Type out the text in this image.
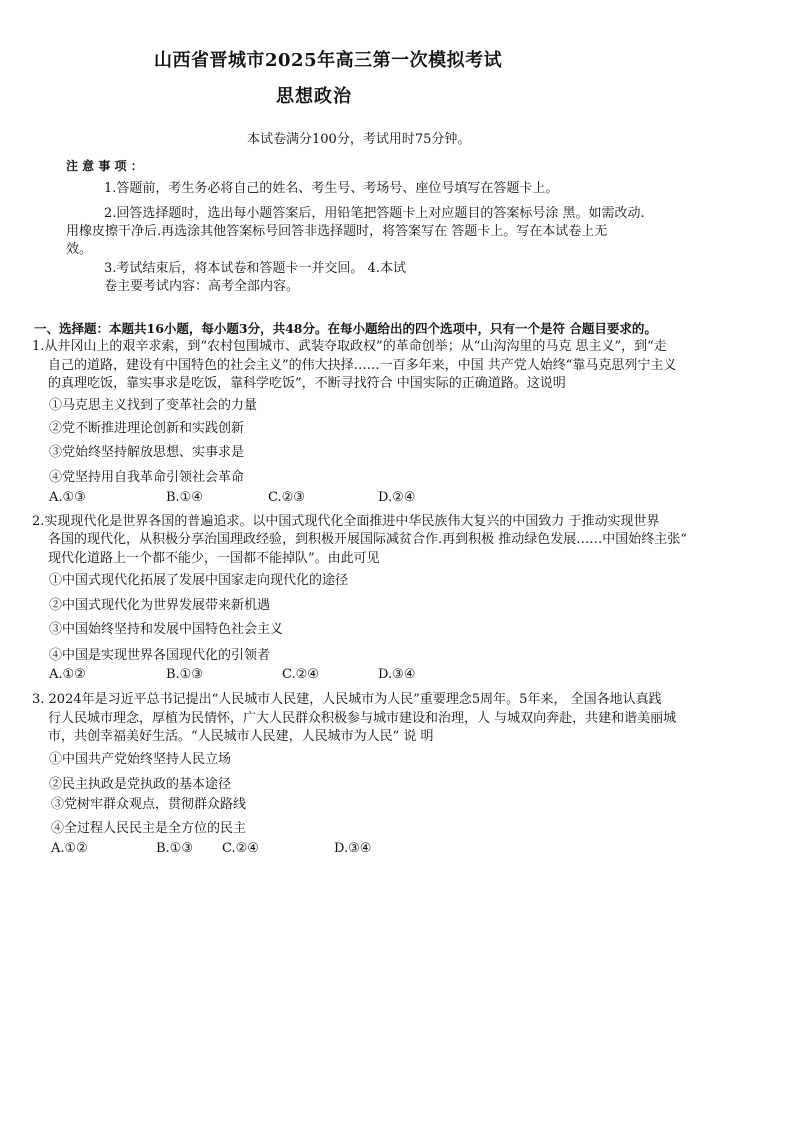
山西省晋城市2025年高三第一次模拟考试
思想政治
本试卷满分100分，考试用时75分钟。
注 意 事 项 ：
1.答题前，考生务必将自己的姓名、考生号、考场号、座位号填写在答题卡上。
2.回答选择题时，选出每小题答案后，用铅笔把答题卡上对应题目的答案标号涂 黑。如需改动.
用橡皮擦干净后.再选涂其他答案标号回答非选择题时，将答案写在 答题卡上。写在本试卷上无
效。
3.考试结束后，将本试卷和答题卡一并交回。 4.本试
卷主要考试内容：高考全部内容。
一、选择题：本题共16小题，每小题3分，共48分。在每小题给出的四个选项中，只有一个是符 合题目要求的。
1.从井冈山上的艰辛求索，到“农村包围城市、武装夺取政权”的革命创举；从“山沟沟里的马克 思主义”，到“走
自己的道路，建设有中国特色的社会主义”的伟大抉择……一百多年来，中国 共产党人始终“靠马克思列宁主义
的真理吃饭，靠实事求是吃饭，靠科学吃饭”，不断寻找符合 中国实际的正确道路。这说明
①马克思主义找到了变革社会的力量
②党不断推进理论创新和实践创新
③党始终坚持解放思想、实事求是
④党坚持用自我革命引领社会革命
A.①③	B.①④	C.②③	D.②④
2.实现现代化是世界各国的普遍追求。以中国式现代化全面推进中华民族伟大复兴的中国致力 于推动实现世界
各国的现代化，从积极分享治国理政经验，到积极开展国际减贫合作.再到积极 推动绿色发展……中国始终主张“
现代化道路上一个都不能少，一国都不能掉队”。由此可见
①中国式现代化拓展了发展中国家走向现代化的途径
②中国式现代化为世界发展带来新机遇
③中国始终坚持和发展中国特色社会主义
④中国是实现世界各国现代化的引领者
A.①②	B.①③	C.②④	D.③④
3. 2024年是习近平总书记提出“人民城市人民建，人民城市为人民”重要理念5周年。5年来， 全国各地认真践
行人民城市理念，厚植为民情怀，广大人民群众积极参与城市建设和治理，人 与城双向奔赴，共建和谐美丽城
市，共创幸福美好生活。“人民城市人民建，人民城市为人民” 说 明
①中国共产党始终坚持人民立场
②民主执政是党执政的基本途径
③党树牢群众观点，贯彻群众路线
④全过程人民民主是全方位的民主
A.①②	B.①③ C.②④	D.③④
